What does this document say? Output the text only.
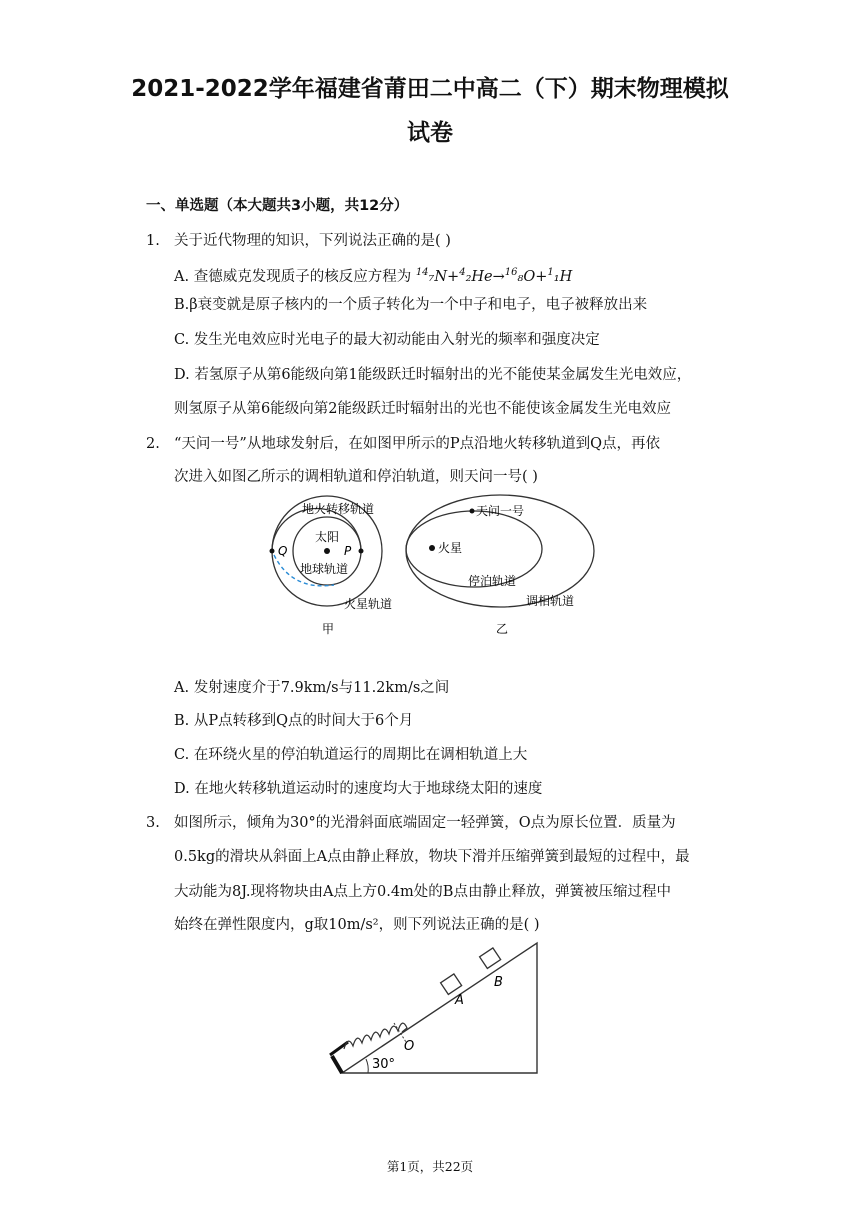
2021-2022学年福建省莆田二中高二（下）期末物理模拟
试卷
一、单选题（本大题共3小题，共12分）
1. 关于近代物理的知识，下列说法正确的是( )
A. 查德威克发现质子的核反应方程为 $^{14}$₇N+$^4$₂He→$^{16}$₈O+$^1$₁H
B.β衰变就是原子核内的一个质子转化为一个中子和电子，电子被释放出来
C. 发生光电效应时光电子的最大初动能由入射光的频率和强度决定
D. 若氢原子从第6能级向第1能级跃迁时辐射出的光不能使某金属发生光电效应，
则氢原子从第6能级向第2能级跃迁时辐射出的光也不能使该金属发生光电效应
2. “天问一号”从地球发射后，在如图甲所示的P点沿地火转移轨道到Q点，再依
次进入如图乙所示的调相轨道和停泊轨道，则天问一号( )
地火转移轨道
太阳
P
Q
地球轨道
火星轨道
甲
天问一号
火星
停泊轨道
调相轨道
乙
A. 发射速度介于7.9km/s与11.2km/s之间
B. 从P点转移到Q点的时间大于6个月
C. 在环绕火星的停泊轨道运行的周期比在调相轨道上大
D. 在地火转移轨道运动时的速度均大于地球绕太阳的速度
3. 如图所示，倾角为30°的光滑斜面底端固定一轻弹簧，O点为原长位置．质量为
0.5kg的滑块从斜面上A点由静止释放，物块下滑并压缩弹簧到最短的过程中，最
大动能为8J.现将物块由A点上方0.4m处的B点由静止释放，弹簧被压缩过程中
始终在弹性限度内，g取10m/s²，则下列说法正确的是( )
A
B
O
30°
第1页，共22页
